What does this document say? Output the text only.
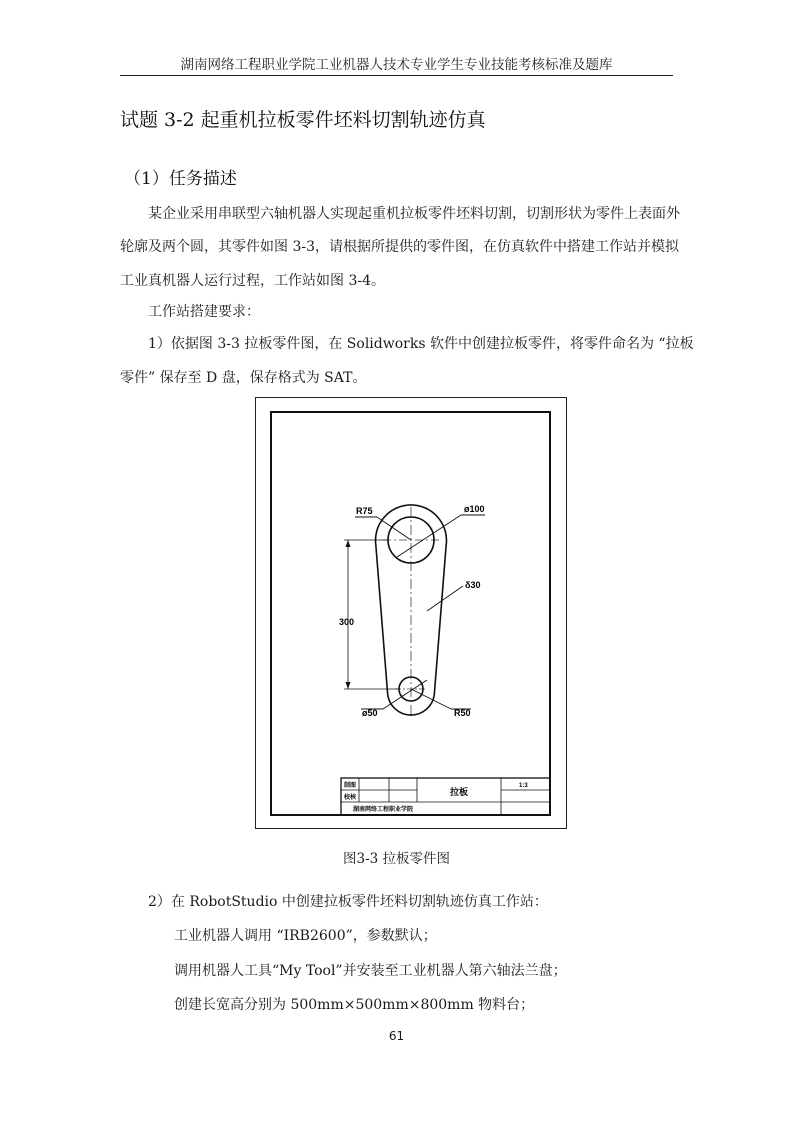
湖南网络工程职业学院工业机器人技术专业学生专业技能考核标准及题库
试题 3-2 起重机拉板零件坯料切割轨迹仿真
（1）任务描述
某企业采用串联型六轴机器人实现起重机拉板零件坯料切割，切割形状为零件上表面外
轮廓及两个圆，其零件如图 3-3，请根据所提供的零件图，在仿真软件中搭建工作站并模拟
工业真机器人运行过程，工作站如图 3-4。
工作站搭建要求：
1）依据图 3-3 拉板零件图，在 Solidworks 软件中创建拉板零件，将零件命名为 “拉板
零件” 保存至 D 盘，保存格式为 SAT。
R75	ø100
δ30
300
ø50	R50
制图
校核
拉板
1:3
湖南网络工程职业学院
图3-3 拉板零件图
2）在 RobotStudio 中创建拉板零件坯料切割轨迹仿真工作站：
工业机器人调用 “IRB2600”，参数默认；
调用机器人工具“My Tool”并安装至工业机器人第六轴法兰盘；
创建长宽高分别为 500mm×500mm×800mm 物料台；
61
